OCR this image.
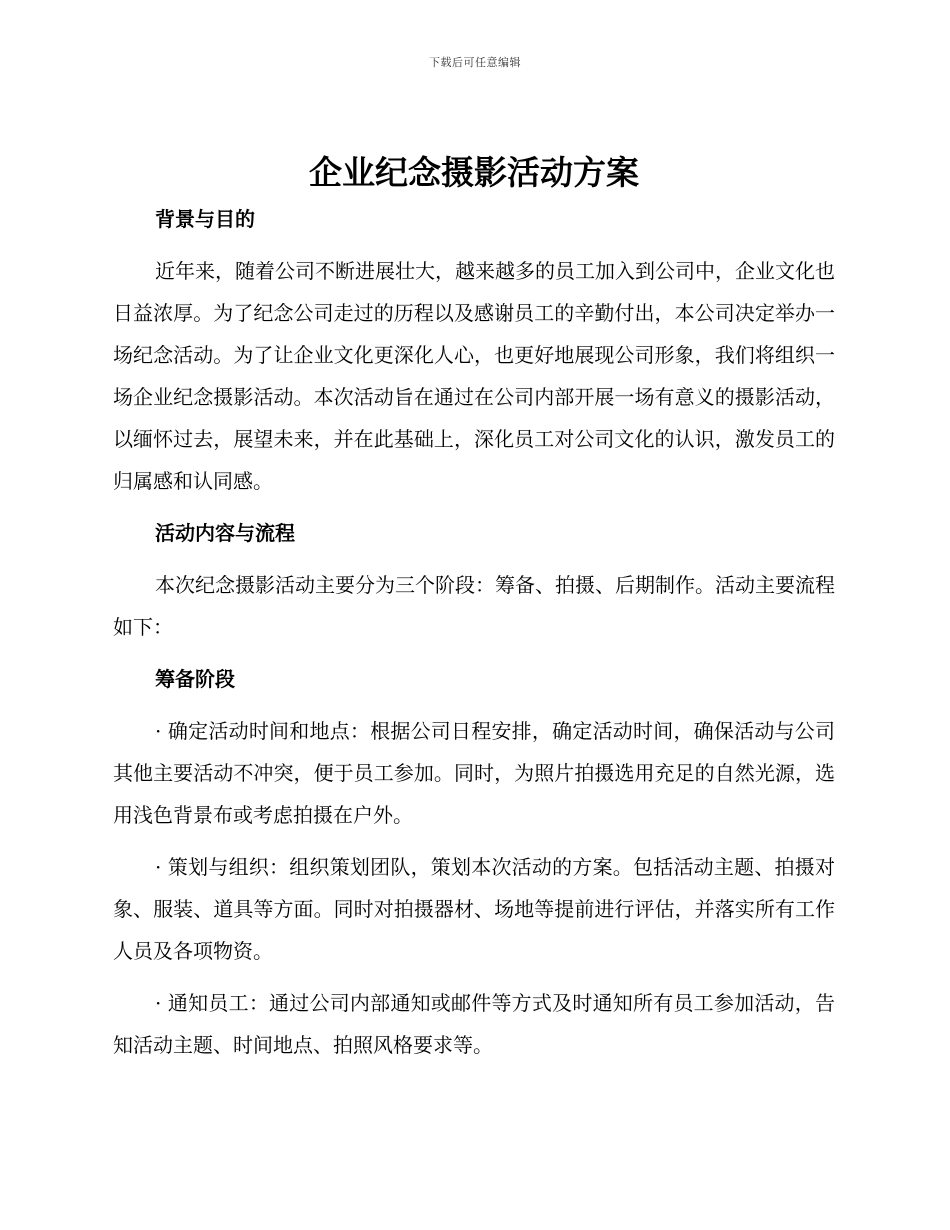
下载后可任意编辑
企业纪念摄影活动方案
背景与目的

近年来，随着公司不断进展壮大，越来越多的员工加入到公司中，企业文化也日益浓厚。为了纪念公司走过的历程以及感谢员工的辛勤付出，本公司决定举办一场纪念活动。为了让企业文化更深化人心，也更好地展现公司形象，我们将组织一场企业纪念摄影活动。本次活动旨在通过在公司内部开展一场有意义的摄影活动，以缅怀过去，展望未来，并在此基础上，深化员工对公司文化的认识，激发员工的归属感和认同感。

活动内容与流程

本次纪念摄影活动主要分为三个阶段：筹备、拍摄、后期制作。活动主要流程如下：

筹备阶段

· 确定活动时间和地点：根据公司日程安排，确定活动时间，确保活动与公司其他主要活动不冲突，便于员工参加。同时，为照片拍摄选用充足的自然光源，选用浅色背景布或考虑拍摄在户外。

· 策划与组织：组织策划团队，策划本次活动的方案。包括活动主题、拍摄对象、服装、道具等方面。同时对拍摄器材、场地等提前进行评估，并落实所有工作人员及各项物资。

· 通知员工：通过公司内部通知或邮件等方式及时通知所有员工参加活动，告知活动主题、时间地点、拍照风格要求等。
